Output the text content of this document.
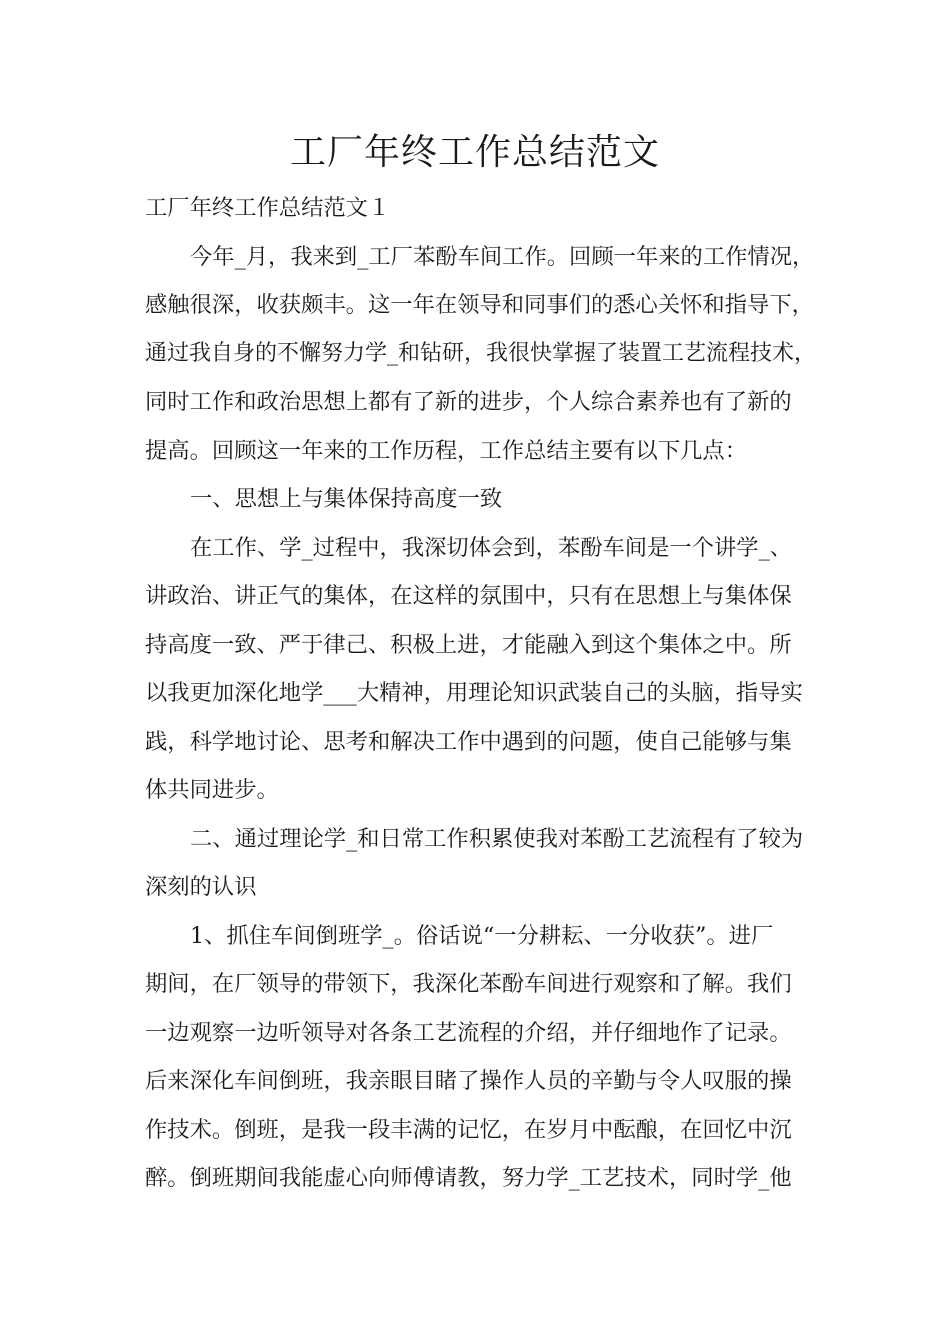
工厂年终工作总结范文
工厂年终工作总结范文１
今年_月，我来到_工厂苯酚车间工作。回顾一年来的工作情况，
感触很深，收获颇丰。这一年在领导和同事们的悉心关怀和指导下，
通过我自身的不懈努力学_和钻研，我很快掌握了装置工艺流程技术，
同时工作和政治思想上都有了新的进步，个人综合素养也有了新的
提高。回顾这一年来的工作历程，工作总结主要有以下几点：
一、思想上与集体保持高度一致
在工作、学_过程中，我深切体会到，苯酚车间是一个讲学_、
讲政治、讲正气的集体，在这样的氛围中，只有在思想上与集体保
持高度一致、严于律己、积极上进，才能融入到这个集体之中。所
以我更加深化地学___大精神，用理论知识武装自己的头脑，指导实
践，科学地讨论、思考和解决工作中遇到的问题，使自己能够与集
体共同进步。
二、通过理论学_和日常工作积累使我对苯酚工艺流程有了较为
深刻的认识
1、抓住车间倒班学_。俗话说“一分耕耘、一分收获”。进厂
期间，在厂领导的带领下，我深化苯酚车间进行观察和了解。我们
一边观察一边听领导对各条工艺流程的介绍，并仔细地作了记录。
后来深化车间倒班，我亲眼目睹了操作人员的辛勤与令人叹服的操
作技术。倒班，是我一段丰满的记忆，在岁月中酝酿，在回忆中沉
醉。倒班期间我能虚心向师傅请教，努力学_工艺技术，同时学_他
